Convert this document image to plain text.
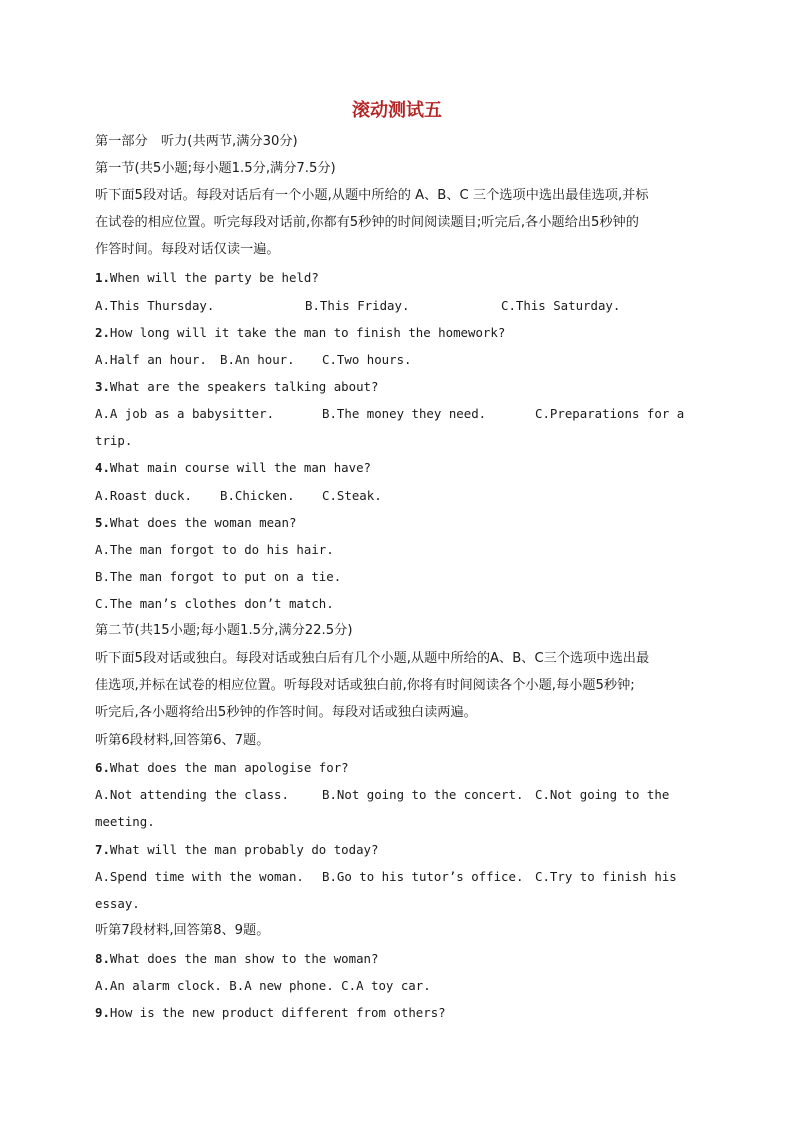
滚动测试五
第一部分　听力(共两节,满分30分)
第一节(共5小题;每小题1.5分,满分7.5分)
听下面5段对话。每段对话后有一个小题,从题中所给的 A、B、C 三个选项中选出最佳选项,并标
在试卷的相应位置。听完每段对话前,你都有5秒钟的时间阅读题目;听完后,各小题给出5秒钟的
作答时间。每段对话仅读一遍。
1.When will the party be held?
A.This Thursday.	B.This Friday.	C.This Saturday.
2.How long will it take the man to finish the homework?
A.Half an hour. B.An hour. C.Two hours.
3.What are the speakers talking about?
A.A job as a babysitter.	B.The money they need.	C.Preparations for a
trip.
4.What main course will the man have?
A.Roast duck. B.Chicken. C.Steak.
5.What does the woman mean?
A.The man forgot to do his hair.
B.The man forgot to put on a tie.
C.The man’s clothes don’t match.
第二节(共15小题;每小题1.5分,满分22.5分)
听下面5段对话或独白。每段对话或独白后有几个小题,从题中所给的A、B、C三个选项中选出最
佳选项,并标在试卷的相应位置。听每段对话或独白前,你将有时间阅读各个小题,每小题5秒钟;
听完后,各小题将给出5秒钟的作答时间。每段对话或独白读两遍。
听第6段材料,回答第6、7题。
6.What does the man apologise for?
A.Not attending the class.	B.Not going to the concert. C.Not going to the
meeting.
7.What will the man probably do today?
A.Spend time with the woman. B.Go to his tutor’s office. C.Try to finish his
essay.
听第7段材料,回答第8、9题。
8.What does the man show to the woman?
A.An alarm clock. B.A new phone. C.A toy car.
9.How is the new product different from others?
